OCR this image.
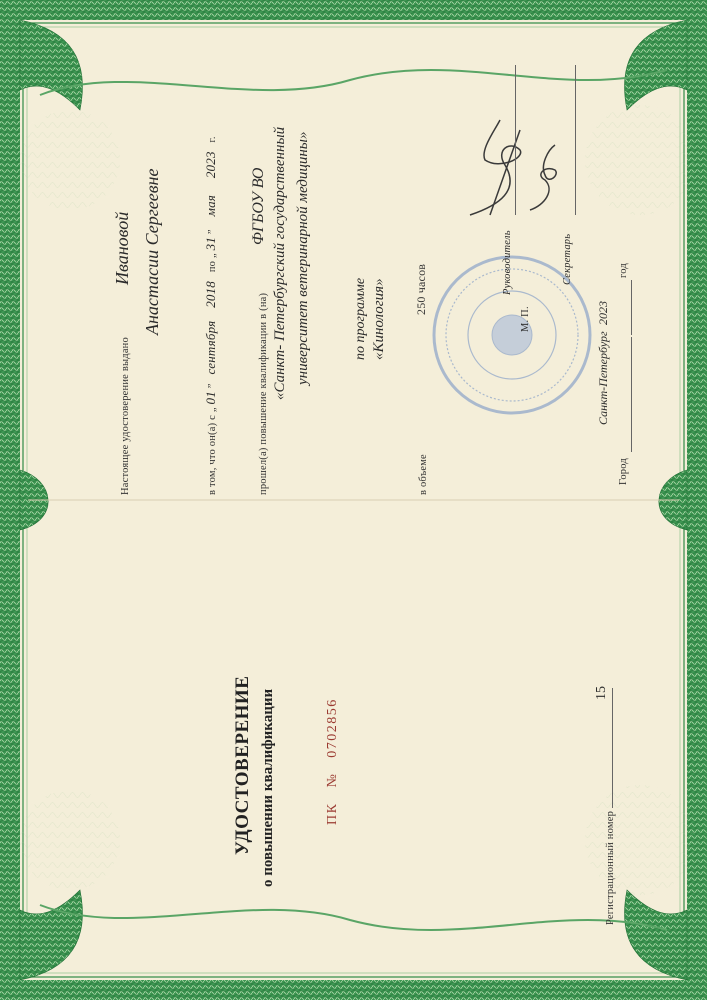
УДОСТОВЕРЕНИЕ о повышении квалификации	ПК   №   0702856
Регистрационный номер
15
Настоящее удостоверение выдано
Ивановой Анастасии Сергеевне
в том, что он(а) с „ 01 ” сентября 2018 по „ 31 ” мая 2023 г.
прошел(а) повышение квалификации в (на)
ФГБОУ ВО «Санкт- Петербургский государственный университет ветеринарной медицины»	по программе «Кинология»
в объеме
250 часов	Руководитель
М. П.
Секретарь
Город
Санкт-Петербург
2023
год
